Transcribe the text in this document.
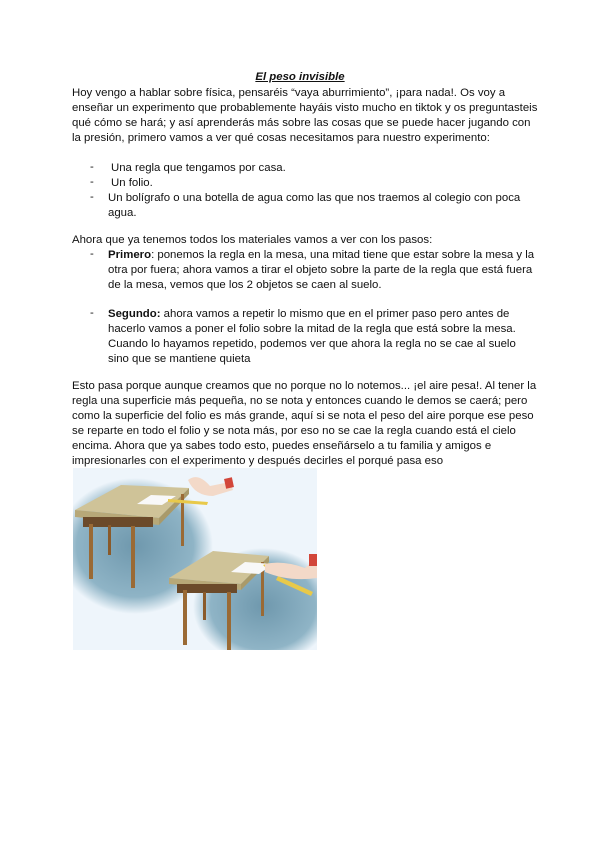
El peso invisible
Hoy vengo a hablar sobre física, pensaréis “vaya aburrimiento”, ¡para nada!. Os voy a
enseñar un experimento que probablemente hayáis visto mucho en tiktok y os preguntasteis
qué cómo se hará; y así aprenderás más sobre las cosas que se puede hacer jugando con
la presión, primero vamos a ver qué cosas necesitamos para nuestro experimento:
- Una regla que tengamos por casa.
- Un folio.
- Un bolígrafo o una botella de agua como las que nos traemos al colegio con poca
agua.
Ahora que ya tenemos todos los materiales vamos a ver con los pasos:
- Primero: ponemos la regla en la mesa, una mitad tiene que estar sobre la mesa y la
otra por fuera; ahora vamos a tirar el objeto sobre la parte de la regla que está fuera
de la mesa, vemos que los 2 objetos se caen al suelo.
- Segundo: ahora vamos a repetir lo mismo que en el primer paso pero antes de
hacerlo vamos a poner el folio sobre la mitad de la regla que está sobre la mesa.
Cuando lo hayamos repetido, podemos ver que ahora la regla no se cae al suelo
sino que se mantiene quieta
Esto pasa porque aunque creamos que no porque no lo notemos... ¡el aire pesa!. Al tener la
regla una superficie más pequeña, no se nota y entonces cuando le demos se caerá; pero
como la superficie del folio es más grande, aquí si se nota el peso del aire porque ese peso
se reparte en todo el folio y se nota más, por eso no se cae la regla cuando está el cielo
encima. Ahora que ya sabes todo esto, puedes enseñárselo a tu familia y amigos e
impresionarles con el experimento y después decirles el porqué pasa eso
